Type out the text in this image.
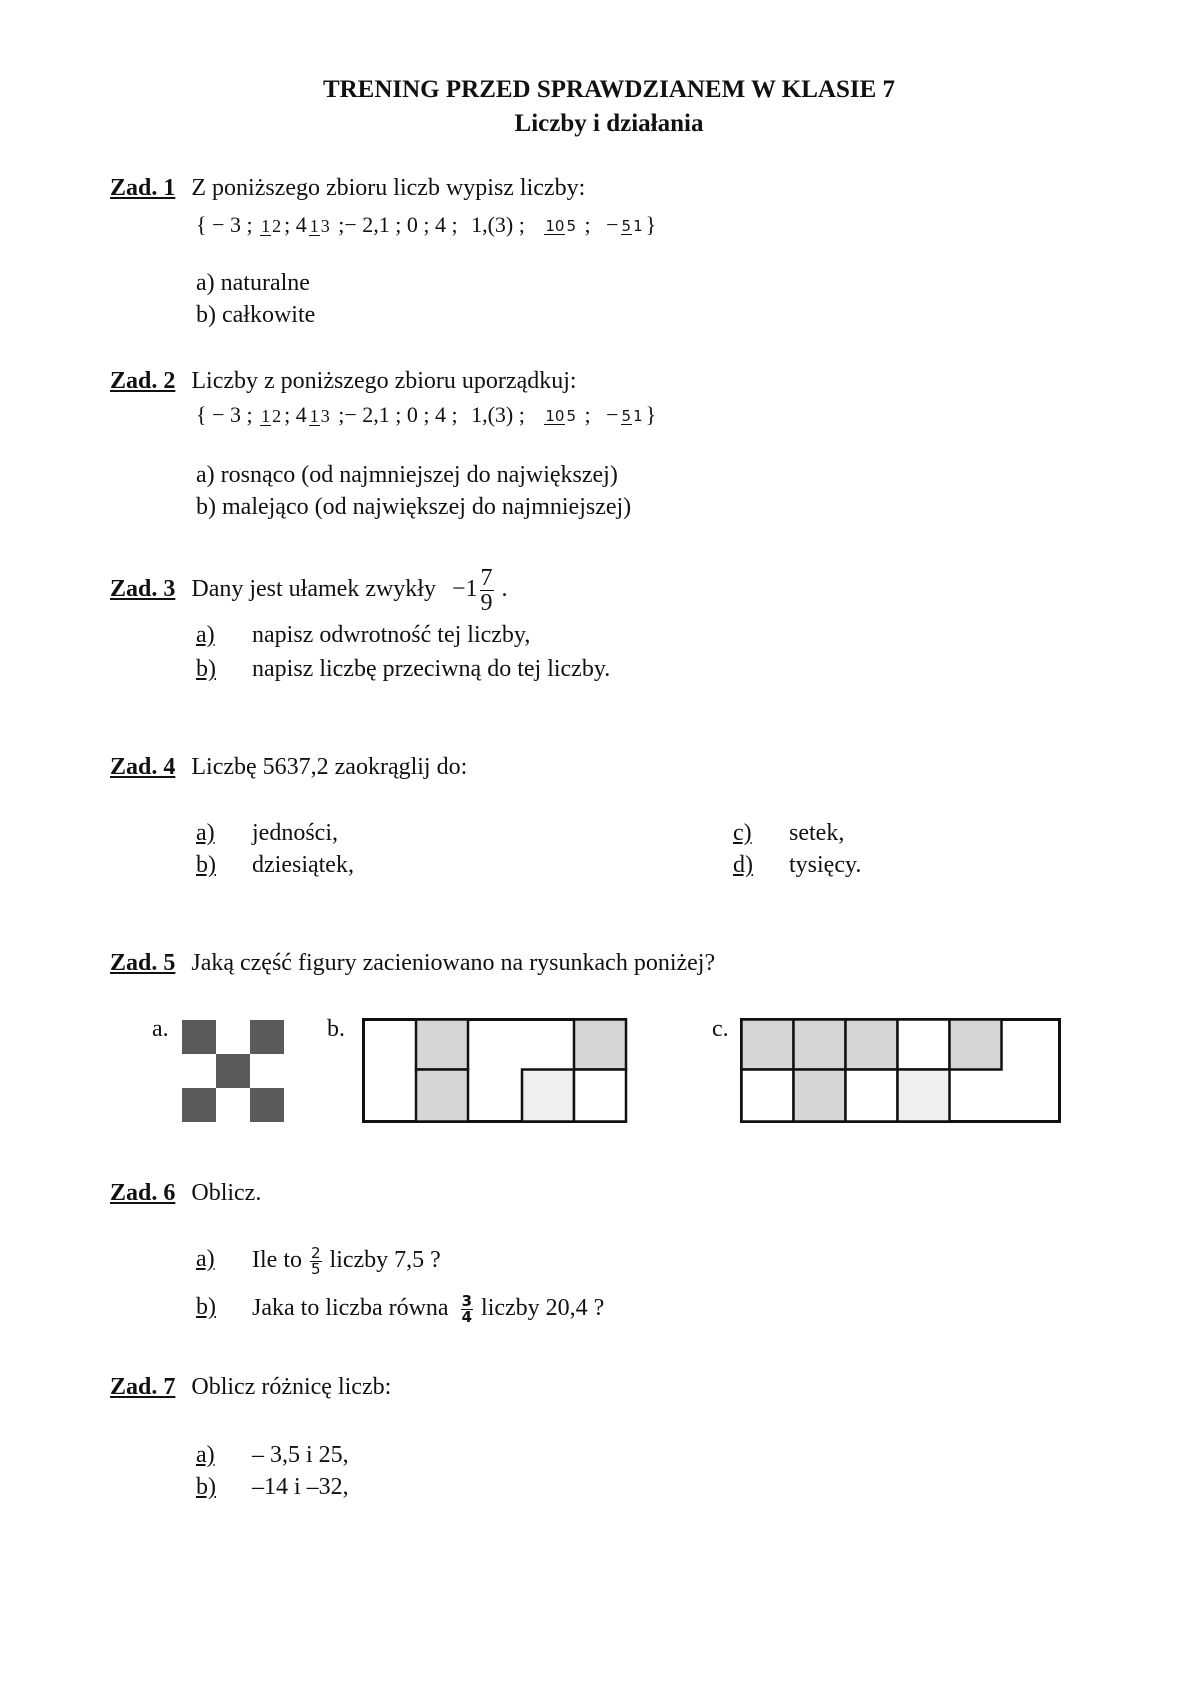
TRENING PRZED SPRAWDZIANEM W KLASIE 7
Liczby i działania
Zad. 1 Z poniższego zbioru liczb wypisz liczby:
{ − 3 ; 1 2 ; 4 1 3 ;− 2,1 ; 0 ; 4 ; 1,(3) ; 10 5 ; − 5 1 }
a) naturalne
b) całkowite
Zad. 2 Liczby z poniższego zbioru uporządkuj:
{ − 3 ; 1 2 ; 4 1 3 ;− 2,1 ; 0 ; 4 ; 1,(3) ; 10 5 ; − 5 1 }
a) rosnąco (od najmniejszej do największej)
b) malejąco (od największej do najmniejszej)
Zad. 3 Dany jest ułamek zwykły $-1 \frac{7}{9}$ .
a) napisz odwrotność tej liczby,
b) napisz liczbę przeciwną do tej liczby.
Zad. 4 Liczbę 5637,2 zaokrąglij do:
a) jedności,
b) dziesiątek,
c) setek,
d) tysięcy.
Zad. 5 Jaką część figury zacieniowano na rysunkach poniżej?
a.	b.	c.
Zad. 6 Oblicz.
a) Ile to $\frac{2}{5}$ liczby 7,5 ?
b) Jaka to liczba równa $\frac{3}{4}$ liczby 20,4 ?
Zad. 7 Oblicz różnicę liczb:
a) – 3,5 i 25,
b) –14 i –32,
